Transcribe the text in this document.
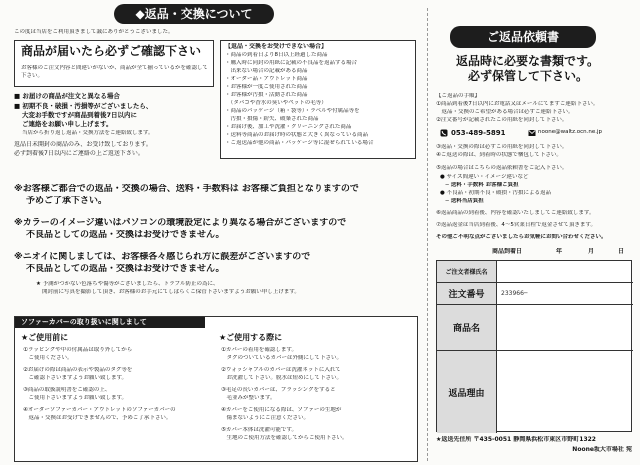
◆返品・交換について
この度は当店をご利用頂きまして誠にありがとうございました。
商品が届いたら必ずご確認下さい
お客様のご注文内容と間違いがないか、商品が全て揃っているかを確認して下さい。
■ お届けの商品が注文と異なる場合
■ 初期不良・破損・汚損等がございましたら、
大変お手数ですが商品到着後7日以内に
ご連絡をお願い申し上げます。
当店から折り返し返品・交換方法をご連絡致します。
返品日未開封の商品のみ、お受け致しております。
必ず到着後7日以内にご連絡の上ご返送下さい。
【返品・交換をお受けできない場合】
・商品の到着日より8日以上経過した商品
・購入時に同封の用紙に記載の不良品を返品する場合
　出来ない場合の記載がある商品
・オーダー品・アウトレット商品
・お客様が一度ご使用された商品
・お客様が汚損・活動された商品
　（タバコや香水の臭いやペットの毛等）
・商品のパッケージ（箱・袋等）・ラベルや付属品等を
　汚損・損傷・紛失、破棄された商品
・お届け後、加工や洗濯・クリーニングされた商品
・送料等商品のお届け時の状態と大きく異なっている商品
・ご返送品が他の商品・パッケージ等に混ぜられている場合
※お客様ご都合での返品・交換の場合、送料・手数料は お客様ご負担となりますので
予めご了承下さい。
※カラーのイメージ違いはパソコンの環境設定により異なる場合がございますので
不良品としての返品・交換はお受けできません。
※ニオイに関しましては、お客様各々感じられ方に誤差がございますので
不良品としての返品・交換はお受けできません。
★ 予測がつかない色落ちや傷等がございましたら、トラブル防止の為に、
開封前に写真を撮影して頂き、お客様のお手元にてしばらくご保管下さいますようお願い申し上げます。
ソファーカバーの取り扱いに関しまして
★ご使用前に
①ラッピングや中の付属品は取り外してから
　ご使用ください。
②お届けの際は商品の表示や製品のタグ等を
　ご確認下さいますようお願い致します。
③商品の取扱説明書をご確認の上、
　ご使用下さいますようお願い致します。
④オーダーソファーカバー・アウトレットのソファーカバーの
　返品・交換はお受けできませんので、予めご了承下さい。
★ご使用する際に
①カバーの着用を確認します。
　タグのついているカバーは外側にして下さい。
②ウォッシャブルのカバーは洗濯ネットに入れて
　お洗濯して下さい。脱水は短めにして下さい。
③毛足の長いカバーは、ブラッシングをすると
　毛並みが整います。
④カバーをご使用になる際は、ソファーの生地が
　傷まないようにご注意ください。
⑤カバー本体は洗濯可能です。
　生地のご使用方法を確認してからご使用下さい。
ご返品依頼書
返品時に必要な書類です。
必ず保管して下さい。
【ご返品の手順】
①商品到着後7日以内にお電話又はメールにてまずご連絡下さい。
　返品・交換のご希望がある場合は必ずご連絡下さい。
②注文番号が記載されたこの用紙を同封して下さい。
053-489-5891	noone@waltz.ocn.ne.jp
③返品・交換の際は必ずこの用紙を同封して下さい。
④ご返送の際は、到着時の状態で梱包して下さい。
⑤返品の場合はこちらの返品依頼書をご記入下さい。
● サイズ間違い・イメージ違いなど
　─ 送料・手数料 お客様ご負担
● 不良品・初期不良・破損・汚損による返品
　─ 送料当店負担
⑥返品商品の到着後、内容を確認いたしましてご連絡致します。
⑦返品返金は当店到着後、4〜5営業日程で返金させて頂きます。
その他ご不明な点がございましたらお気軽にお問い合わせください。
商品到着日	年	月	日
ご注文者様氏名
注文番号	233966─
商品名
返品理由
★返送先住所 〒435-0051 静岡県浜松市東区市野町1322
Noone坂大市場社 宛
